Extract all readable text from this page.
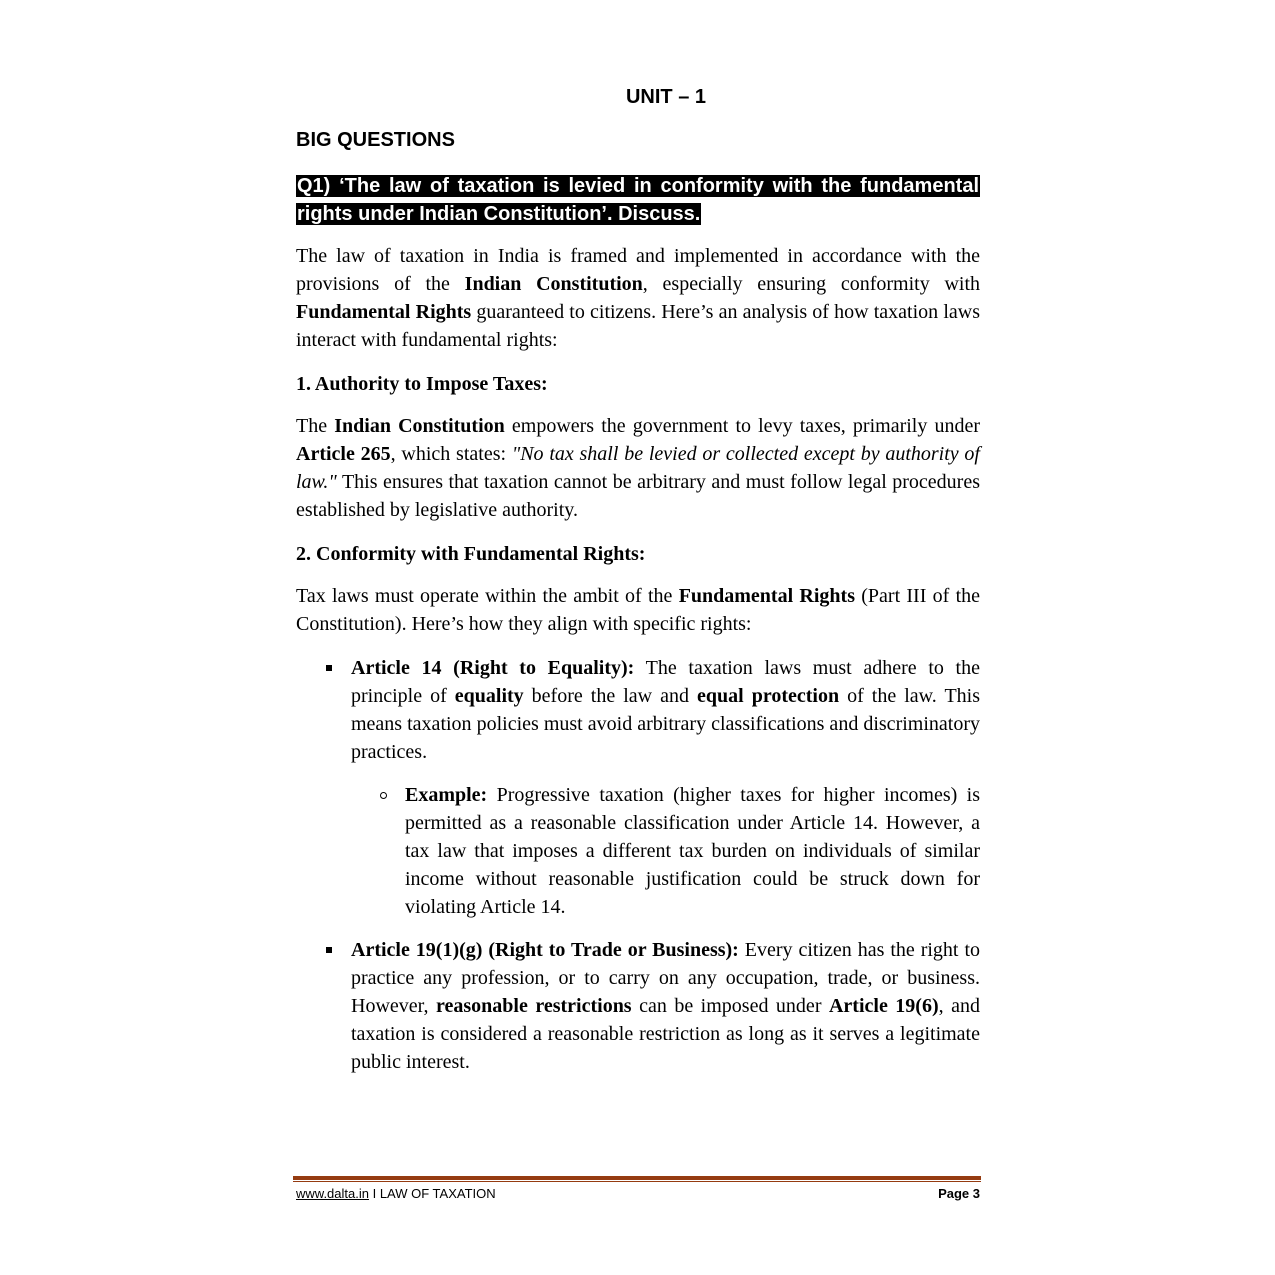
UNIT – 1
BIG QUESTIONS
Q1) ‘The law of taxation is levied in conformity with the fundamental rights under Indian Constitution’. Discuss.

The law of taxation in India is framed and implemented in accordance with the provisions of the Indian Constitution, especially ensuring conformity with Fundamental Rights guaranteed to citizens. Here’s an analysis of how taxation laws interact with fundamental rights:

1. Authority to Impose Taxes:

The Indian Constitution empowers the government to levy taxes, primarily under Article 265, which states: "No tax shall be levied or collected except by authority of law." This ensures that taxation cannot be arbitrary and must follow legal procedures established by legislative authority.

2. Conformity with Fundamental Rights:

Tax laws must operate within the ambit of the Fundamental Rights (Part III of the Constitution). Here’s how they align with specific rights:

Article 14 (Right to Equality): The taxation laws must adhere to the principle of equality before the law and equal protection of the law. This means taxation policies must avoid arbitrary classifications and discriminatory practices.
Example: Progressive taxation (higher taxes for higher incomes) is permitted as a reasonable classification under Article 14. However, a tax law that imposes a different tax burden on individuals of similar income without reasonable justification could be struck down for violating Article 14.
Article 19(1)(g) (Right to Trade or Business): Every citizen has the right to practice any profession, or to carry on any occupation, trade, or business. However, reasonable restrictions can be imposed under Article 19(6), and taxation is considered a reasonable restriction as long as it serves a legitimate public interest.
www.dalta.in I LAW OF TAXATION	Page 3
